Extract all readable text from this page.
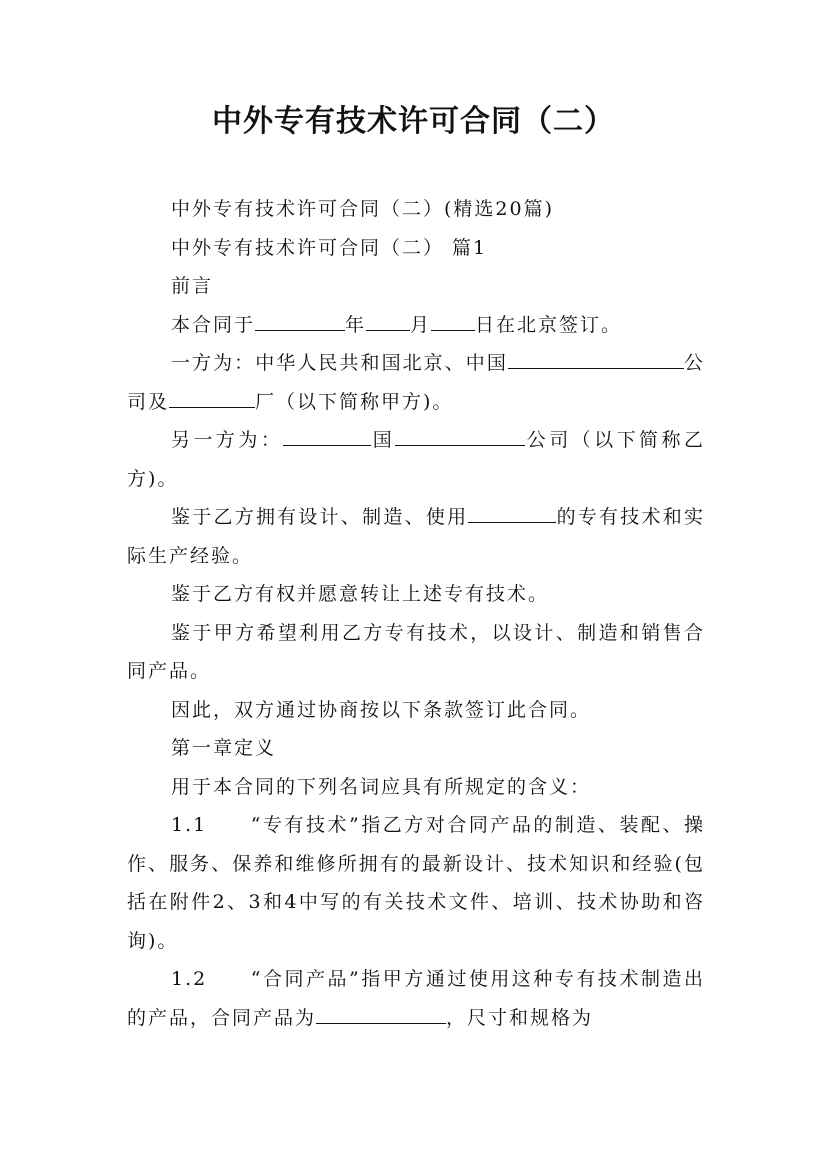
中外专有技术许可合同（二）

中外专有技术许可合同（二）(精选20篇)

中外专有技术许可合同（二） 篇1

前言

本合同于	年 月 日在北京签订。

一方为：中华人民共和国北京、中国	公司及	厂（以下简称甲方)。

另一方为：	国	公司（以下简称乙方)。

鉴于乙方拥有设计、制造、使用	的专有技术和实际生产经验。

鉴于乙方有权并愿意转让上述专有技术。

鉴于甲方希望利用乙方专有技术，以设计、制造和销售合同产品。

因此，双方通过协商按以下条款签订此合同。

第一章定义

用于本合同的下列名词应具有所规定的含义：

1.1　　“专有技术”指乙方对合同产品的制造、装配、操作、服务、保养和维修所拥有的最新设计、技术知识和经验(包括在附件2、3和4中写的有关技术文件、培训、技术协助和咨询)。

1.2　　“合同产品”指甲方通过使用这种专有技术制造出的产品，合同产品为	，尺寸和规格为
